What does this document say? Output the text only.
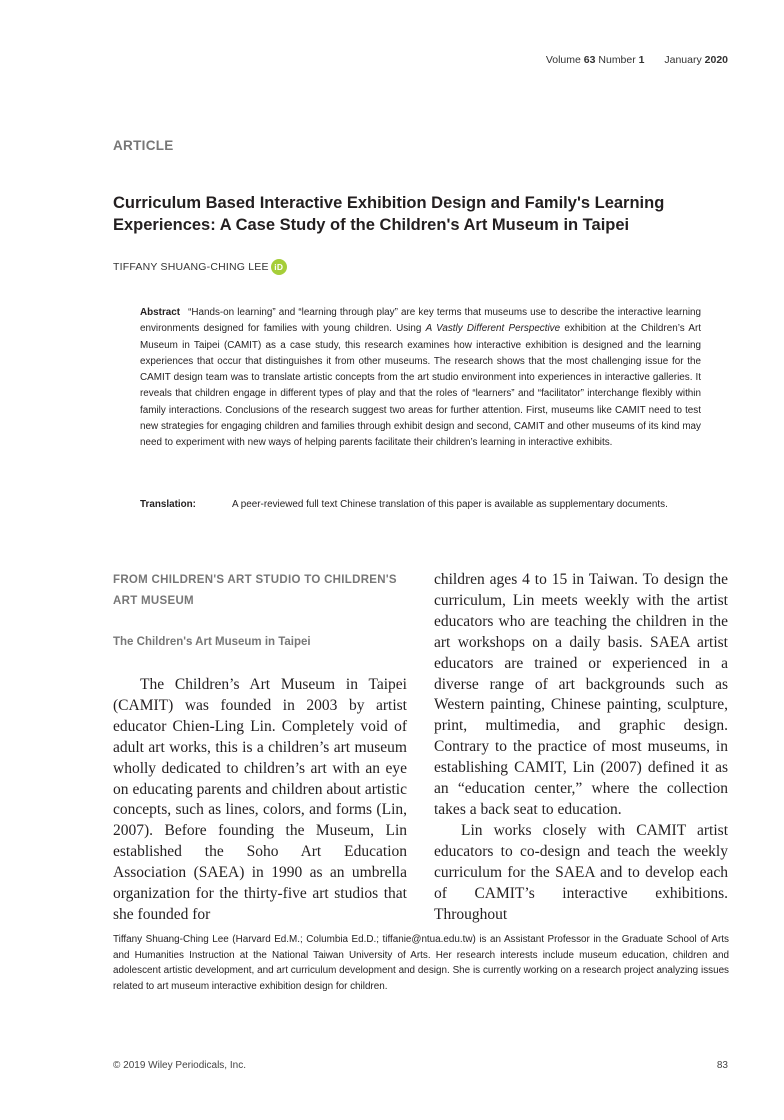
Volume 63 Number 1 January 2020
ARTICLE
Curriculum Based Interactive Exhibition Design and Family's Learning Experiences: A Case Study of the Children's Art Museum in Taipei
TIFFANY SHUANG-CHING LEE iD
Abstract “Hands-on learning” and “learning through play” are key terms that museums use to describe the interactive learning environments designed for families with young children. Using A Vastly Different Perspective exhibition at the Children’s Art Museum in Taipei (CAMIT) as a case study, this research examines how interactive exhibition is designed and the learning experiences that occur that distinguishes it from other museums. The research shows that the most challenging issue for the CAMIT design team was to translate artistic concepts from the art studio environment into experiences in interactive galleries. It reveals that children engage in different types of play and that the roles of “learners” and “facilitator” interchange flexibly within family interactions. Conclusions of the research suggest two areas for further attention. First, museums like CAMIT need to test new strategies for engaging children and families through exhibit design and second, CAMIT and other museums of its kind may need to experiment with new ways of helping parents facilitate their children’s learning in interactive exhibits.
Translation:	A peer-reviewed full text Chinese translation of this paper is available as supplementary documents.
FROM CHILDREN'S ART STUDIO TO CHILDREN'S ART MUSEUM
The Children's Art Museum in Taipei

The Children’s Art Museum in Taipei (CAMIT) was founded in 2003 by artist educator Chien-Ling Lin. Completely void of adult art works, this is a children’s art museum wholly dedicated to children’s art with an eye on educating parents and children about artistic concepts, such as lines, colors, and forms (Lin, 2007). Before founding the Museum, Lin established the Soho Art Education Association (SAEA) in 1990 as an umbrella organization for the thirty-five art studios that she founded for

children ages 4 to 15 in Taiwan. To design the curriculum, Lin meets weekly with the artist educators who are teaching the children in the art workshops on a daily basis. SAEA artist educators are trained or experienced in a diverse range of art backgrounds such as Western painting, Chinese painting, sculpture, print, multimedia, and graphic design. Contrary to the practice of most museums, in establishing CAMIT, Lin (2007) defined it as an “education center,” where the collection takes a back seat to education.

Lin works closely with CAMIT artist educators to co-design and teach the weekly curriculum for the SAEA and to develop each of CAMIT’s interactive exhibitions. Throughout

Tiffany Shuang-Ching Lee (Harvard Ed.M.; Columbia Ed.D.; tiffanie@ntua.edu.tw) is an Assistant Professor in the Graduate School of Arts and Humanities Instruction at the National Taiwan University of Arts. Her research interests include museum education, children and adolescent artistic development, and art curriculum development and design. She is currently working on a research project analyzing issues related to art museum interactive exhibition design for children.
© 2019 Wiley Periodicals, Inc.	83
